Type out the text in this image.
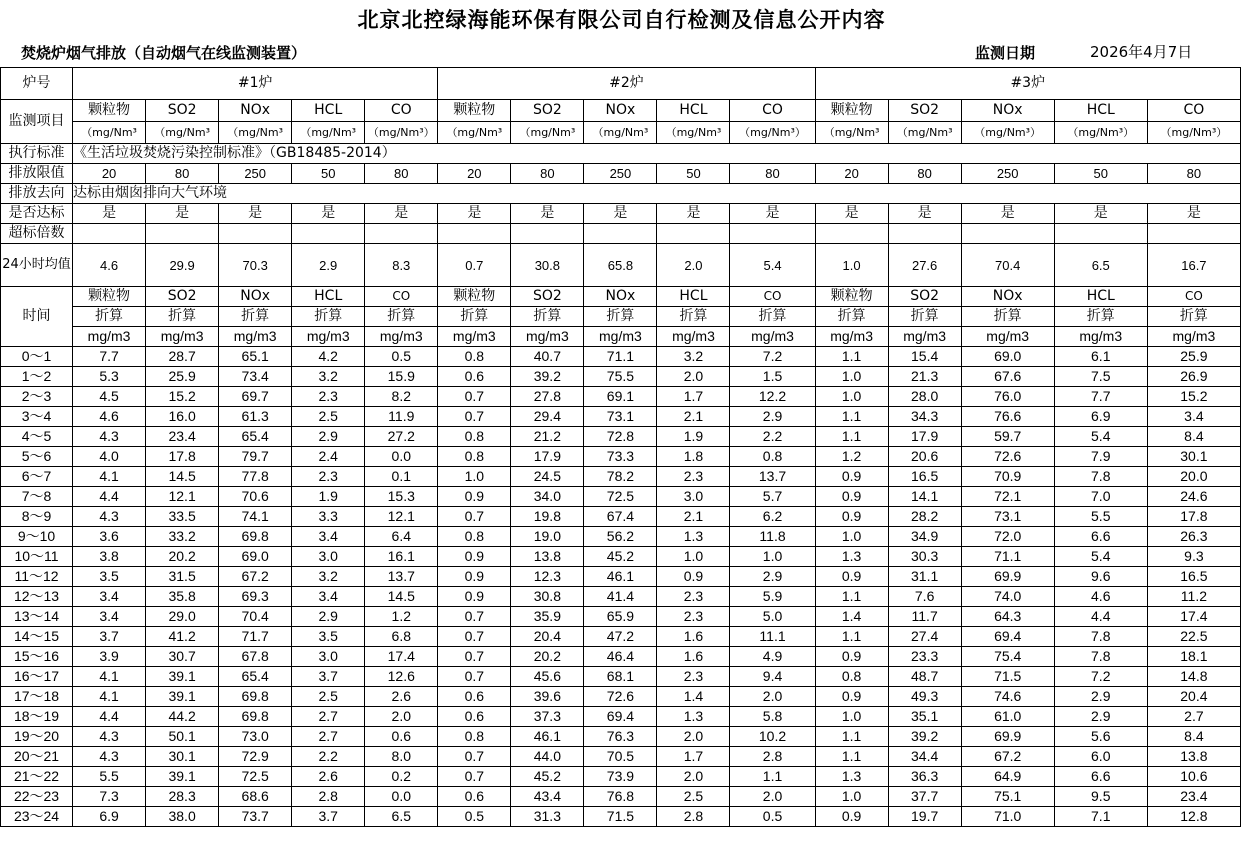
北京北控绿海能环保有限公司自行检测及信息公开内容
焚烧炉烟气排放（自动烟气在线监测装置）	监测日期	2026年4月7日
炉号	#1炉					#2炉					#3炉				
监测项目	颗粒物	SO2	NOx	HCL	CO	颗粒物	SO2	NOx	HCL	CO	颗粒物	SO2	NOx	HCL	CO
	（mg/Nm³	（mg/Nm³	（mg/Nm³	（mg/Nm³	（mg/Nm³）	（mg/Nm³	（mg/Nm³	（mg/Nm³	（mg/Nm³	（mg/Nm³）	（mg/Nm³	（mg/Nm³	（mg/Nm³）	（mg/Nm³）	（mg/Nm³）
执行标准	《生活垃圾焚烧污染控制标准》（GB18485-2014）														
排放限值	20	80	250	50	80	20	80	250	50	80	20	80	250	50	80
排放去向	达标由烟囱排向大气环境														
是否达标	是	是	是	是	是	是	是	是	是	是	是	是	是	是	是
超标倍数															
24小时均值	4.6	29.9	70.3	2.9	8.3	0.7	30.8	65.8	2.0	5.4	1.0	27.6	70.4	6.5	16.7
时间	颗粒物	SO2	NOx	HCL	CO	颗粒物	SO2	NOx	HCL	CO	颗粒物	SO2	NOx	HCL	CO
	折算	折算	折算	折算	折算	折算	折算	折算	折算	折算	折算	折算	折算	折算	折算
	mg/m3	mg/m3	mg/m3	mg/m3	mg/m3	mg/m3	mg/m3	mg/m3	mg/m3	mg/m3	mg/m3	mg/m3	mg/m3	mg/m3	mg/m3
0～1	7.7	28.7	65.1	4.2	0.5	0.8	40.7	71.1	3.2	7.2	1.1	15.4	69.0	6.1	25.9
1～2	5.3	25.9	73.4	3.2	15.9	0.6	39.2	75.5	2.0	1.5	1.0	21.3	67.6	7.5	26.9
2～3	4.5	15.2	69.7	2.3	8.2	0.7	27.8	69.1	1.7	12.2	1.0	28.0	76.0	7.7	15.2
3～4	4.6	16.0	61.3	2.5	11.9	0.7	29.4	73.1	2.1	2.9	1.1	34.3	76.6	6.9	3.4
4～5	4.3	23.4	65.4	2.9	27.2	0.8	21.2	72.8	1.9	2.2	1.1	17.9	59.7	5.4	8.4
5～6	4.0	17.8	79.7	2.4	0.0	0.8	17.9	73.3	1.8	0.8	1.2	20.6	72.6	7.9	30.1
6～7	4.1	14.5	77.8	2.3	0.1	1.0	24.5	78.2	2.3	13.7	0.9	16.5	70.9	7.8	20.0
7～8	4.4	12.1	70.6	1.9	15.3	0.9	34.0	72.5	3.0	5.7	0.9	14.1	72.1	7.0	24.6
8～9	4.3	33.5	74.1	3.3	12.1	0.7	19.8	67.4	2.1	6.2	0.9	28.2	73.1	5.5	17.8
9～10	3.6	33.2	69.8	3.4	6.4	0.8	19.0	56.2	1.3	11.8	1.0	34.9	72.0	6.6	26.3
10～11	3.8	20.2	69.0	3.0	16.1	0.9	13.8	45.2	1.0	1.0	1.3	30.3	71.1	5.4	9.3
11～12	3.5	31.5	67.2	3.2	13.7	0.9	12.3	46.1	0.9	2.9	0.9	31.1	69.9	9.6	16.5
12～13	3.4	35.8	69.3	3.4	14.5	0.9	30.8	41.4	2.3	5.9	1.1	7.6	74.0	4.6	11.2
13～14	3.4	29.0	70.4	2.9	1.2	0.7	35.9	65.9	2.3	5.0	1.4	11.7	64.3	4.4	17.4
14～15	3.7	41.2	71.7	3.5	6.8	0.7	20.4	47.2	1.6	11.1	1.1	27.4	69.4	7.8	22.5
15～16	3.9	30.7	67.8	3.0	17.4	0.7	20.2	46.4	1.6	4.9	0.9	23.3	75.4	7.8	18.1
16～17	4.1	39.1	65.4	3.7	12.6	0.7	45.6	68.1	2.3	9.4	0.8	48.7	71.5	7.2	14.8
17～18	4.1	39.1	69.8	2.5	2.6	0.6	39.6	72.6	1.4	2.0	0.9	49.3	74.6	2.9	20.4
18～19	4.4	44.2	69.8	2.7	2.0	0.6	37.3	69.4	1.3	5.8	1.0	35.1	61.0	2.9	2.7
19～20	4.3	50.1	73.0	2.7	0.6	0.8	46.1	76.3	2.0	10.2	1.1	39.2	69.9	5.6	8.4
20～21	4.3	30.1	72.9	2.2	8.0	0.7	44.0	70.5	1.7	2.8	1.1	34.4	67.2	6.0	13.8
21～22	5.5	39.1	72.5	2.6	0.2	0.7	45.2	73.9	2.0	1.1	1.3	36.3	64.9	6.6	10.6
22～23	7.3	28.3	68.6	2.8	0.0	0.6	43.4	76.8	2.5	2.0	1.0	37.7	75.1	9.5	23.4
23～24	6.9	38.0	73.7	3.7	6.5	0.5	31.3	71.5	2.8	0.5	0.9	19.7	71.0	7.1	12.8
